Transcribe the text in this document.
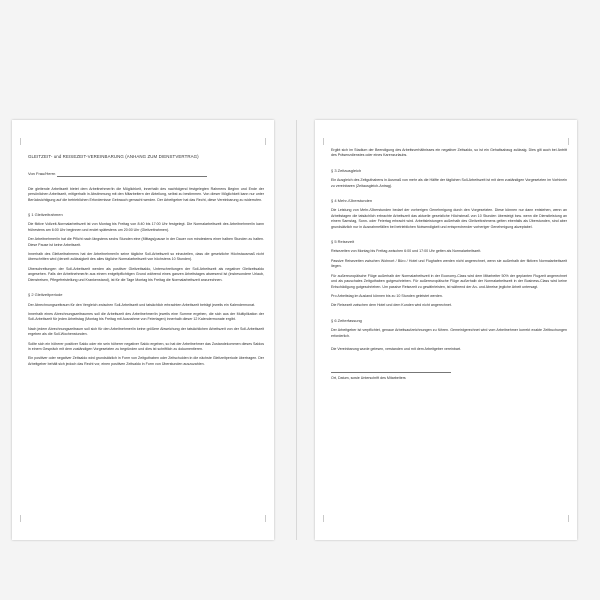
GLEITZEIT- und REISEZEIT-VEREINBARUNG (ANHANG ZUM DIENSTVERTRAG)
Von Frau/Herrn

Die gleitende Arbeitszeit bietet dem Arbeitnehmer/in die Möglichkeit, innerhalb des nachfolgend festgelegten Rahmens Beginn und Ende der persönlichen Arbeitszeit, mitigerhalb in Abstimmung mit den Mitarbeitern der Abteilung, selbst zu bestimmen. Von dieser Möglichkeit kann nur unter Berücksichtigung auf die betrieblichen Erfordernisse Gebrauch gemacht werden. Der Arbeitgeber hat das Recht, diese Vereinbarung zu widerrufen.

§ 1 Gleitzeitrahmen

Die fiktive Vollzeit-Normalarbeitszeit ist von Montag bis Freitag von 8:40 bis 17:00 Uhr festgelegt. Die Normalarbeitszeit des Arbeitnehmer/in kann frühestens am 6:00 Uhr beginnen und endet spätestens um 20:00 Uhr (Gleitzeitrahmen).

Der Arbeitnehmer/in hat die Pflicht nach längstens sechs Stunden eine (Mittags)pause in der Dauer von mindestens einer halben Stunden zu halten. Diese Pause ist keine Arbeitszeit.

Innerhalb des Gleitzeitrahmens hat der Arbeitnehmer/in seine tägliche Soll-Arbeitszeit so einzuteilen, dass die gesetzliche Höchstausmaß nicht überschritten wird (derzeit zulässigkeit des alles tägliche Normalarbeitszeit von höchstens 10 Stunden).

Überschreitungen der Soll-Arbeitszeit werden als positiver Gleitzeitsaldo, Unterschreitungen der Soll-Arbeitszeit als negativer Gleitzeitsaldo angesehen. Falls der Arbeitnehmer/in aus einem entgeltpflichtigen Grund während eines ganzen Arbeitstages abwesend ist (insbesondere Urlaub, Dienstreisen, Pflegefreistellung und Krankenstand), ist für die Tage Montag bis Freitag die Normalarbeitszeit anzurechnen.

§ 2 Gleitzeitperiode

Der Abrechnungszeitraum für den Vergleich zwischen Soll-Arbeitszeit und tatsächlich erbrachten Arbeitszeit beträgt jeweils ein Kalendermonat.

Innerhalb eines Abrechnungszeitraumes soll die Arbeitszeit des Arbeitnehmer/in jeweils eine Summe ergeben, die sich aus der Multiplikation der Soll-Arbeitszeit für jeden Arbeitstag (Montag bis Freitag mit Ausnahme von Feiertagen) innerhalb dieser 12 Kalendermonate ergibt.

Nach jedem Abrechnungszeitraum soll sich für den Arbeitnehmer/in keine größere Abweichung der tatsächlichen Arbeitszeit von der Soll-Arbeitszeit ergeben als die Soll-Wochenstunden.

Sollte sich ein höherer positiver Saldo oder ein sein höherer negativer Saldo ergeben, so hat der Arbeitnehmer das Zustandekommen dieses Saldos in einem Gespräch mit dem zuständigen Vorgesetzten zu begründen und dies ist schriftlich zu dokumentieren.

Ein positiver oder negativer Zeitsaldo wird grundsätzlich in Form von Zeitguthaben oder Zeitschulden in die nächste Gleitzeitperiode übertragen. Der Arbeitgeber behält sich jedoch das Recht vor, einen positiven Zeitsaldo in Form von Überstunden auszuzahlen.

Ergibt sich im Stadium der Beendigung des Arbeitsverhältnisses ein negativer Zeitsaldo, so ist ein Gehaltsabzug zulässig. Dies gilt auch bei Antritt des Präsenzdienstes oder eines Karenzurlaubs.

§ 3 Zeitausgleich

Ein Ausgleich des Zeitguthabens in Ausmaß von mehr als die Hälfte der täglichen Soll-Arbeitszeit ist mit dem zuständigen Vorgesetzten im Vorhinein zu vereinbaren (Zeitausgleich-Antrag).

§ 4 Mehr-/Überstunden

Die Leistung von Mehr-/Überstunden bedarf der vorherigen Genehmigung durch den Vorgesetzten. Diese können nur dann entstehen, wenn an Arbeitstagen die tatsächlich erbrachte Arbeitszeit das aktuelle gesetzliche Höchstmaß von 10 Stunden übersteigt bzw. wenn die Dienstleistung an einem Samstag, Sonn- oder Feiertag erbracht wird. Arbeitsleistungen außerhalb des Gleitzeitrahmens gelten ebenfalls als Überstunden, sind aber grundsätzlich nur in Ausnahmefällen bei betrieblichen Notwendigkeit und entsprechender vorheriger Genehmigung akzeptabel.

§ 5 Reisezeit

Reisezeiten von Montag bis Freitag zwischen 6:00 und 17:00 Uhr gelten als Normalarbeitszeit.

Passive Reisezeiten zwischen Wohnort / Büro / Hotel und Flughafen werden nicht angerechnet, wenn sie außerhalb der fiktiven Normalarbeitszeit liegen.

Für außereuropäische Flüge außerhalb der Normalarbeitszeit in der Economy-Class wird dem Mitarbeiter 50% der geplanten Flugzeit angerechnet und als pauschales Zeitguthaben gutgeschrieben. Für außereuropäische Flüge außerhalb der Normalarbeitszeit in der Business-Class wird keine Entschädigung gutgeschrieben. Um passive Reisezeit zu gewährleisten, ist während der An- und Abreise jegliche Arbeit untersagt.

Pro Arbeitstag im Ausland können bis zu 10 Stunden geleistet werden.

Die Reisezeit zwischen dem Hotel und dem Kunden wird nicht angerechnet.

§ 6 Zeiterfassung

Der Arbeitgeber ist verpflichtet, genaue Arbeitsaufzeichnungen zu führen. Gemeinlgerechnet wird vom Arbeitnehmer korrekt exakte Zeitbuchungen erforderlich.

Die Vereinbarung wurde gelesen, verstanden und mit dem Arbeitgeber vereinbart.

Ort, Datum, sowie Unterschrift des Mitarbeiters
